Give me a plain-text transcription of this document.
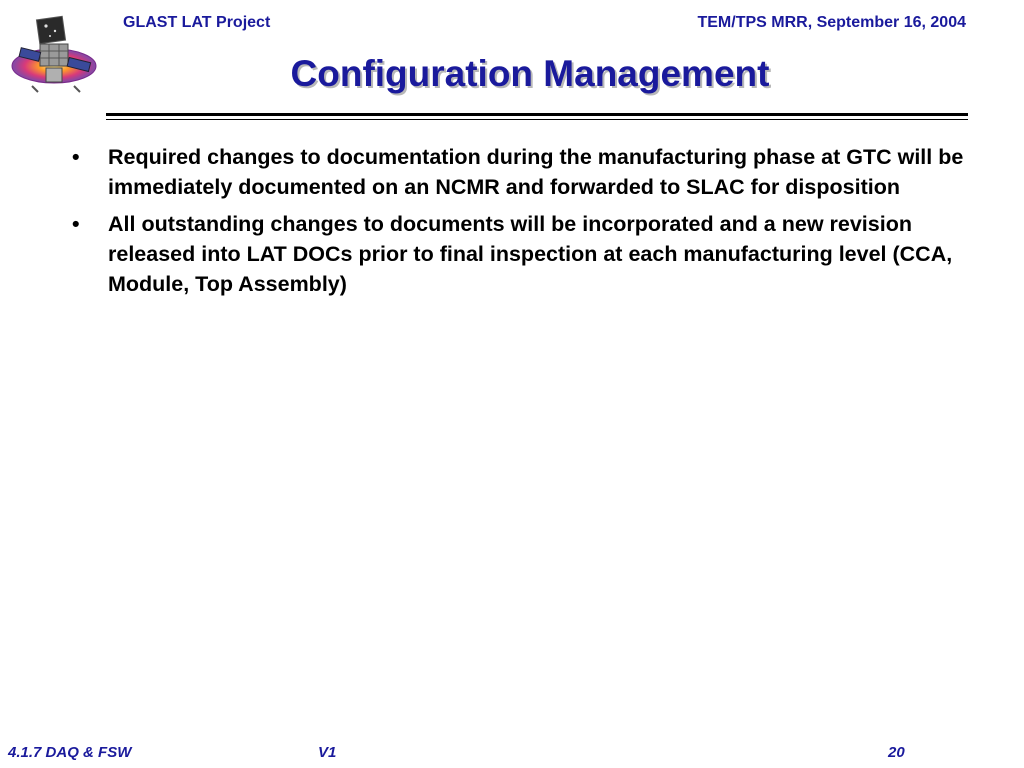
GLAST LAT Project	TEM/TPS MRR, September 16, 2004
Configuration Management
•	Required changes to documentation during the manufacturing phase at GTC will be immediately documented on an NCMR and forwarded to SLAC for disposition
•	All outstanding changes to documents will be incorporated and a new revision released into LAT DOCs prior to final inspection at each manufacturing level (CCA, Module, Top Assembly)
4.1.7 DAQ & FSW	V1	20
